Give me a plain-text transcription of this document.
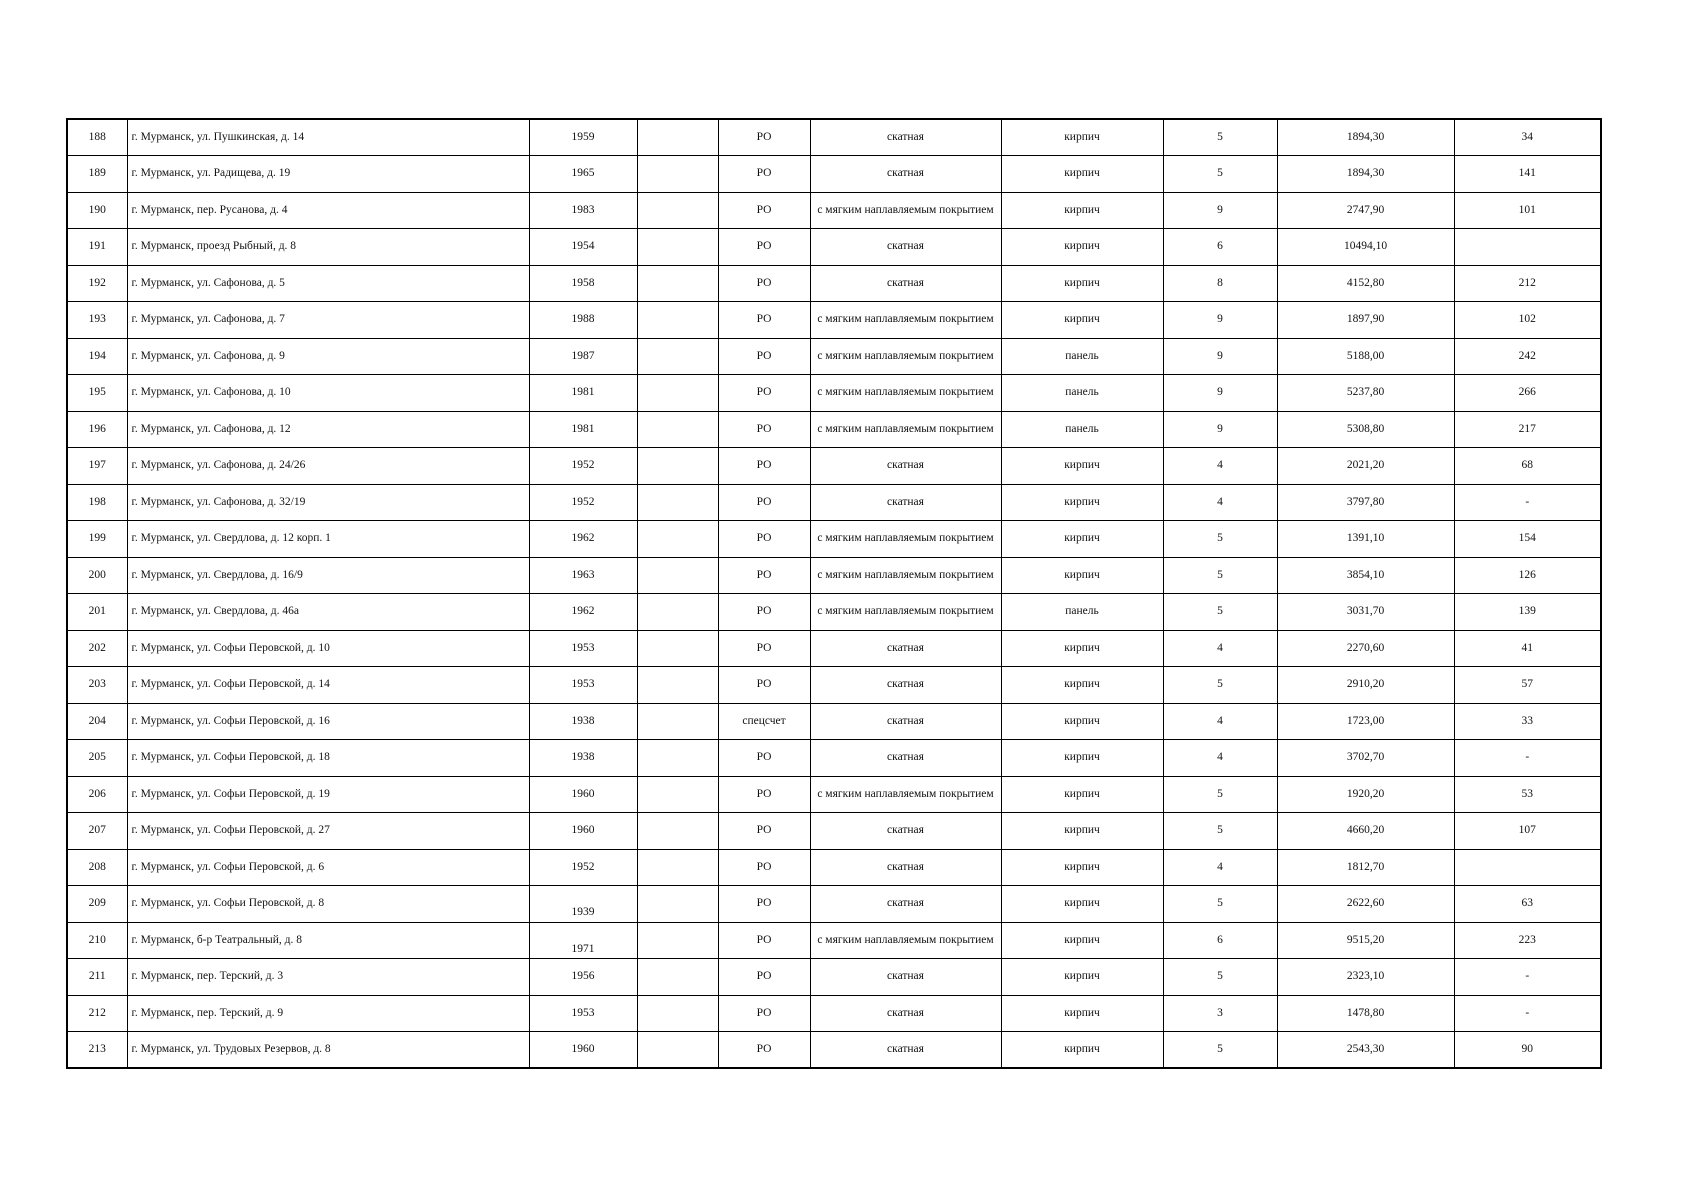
188	г. Мурманск, ул. Пушкинская, д. 14	1959		РО	скатная	кирпич	5	1894,30	34
189	г. Мурманск, ул. Радищева, д. 19	1965		РО	скатная	кирпич	5	1894,30	141
190	г. Мурманск, пер. Русанова, д. 4	1983		РО	с мягким наплавляемым покрытием	кирпич	9	2747,90	101
191	г. Мурманск, проезд Рыбный, д. 8	1954		РО	скатная	кирпич	6	10494,10	
192	г. Мурманск, ул. Сафонова, д. 5	1958		РО	скатная	кирпич	8	4152,80	212
193	г. Мурманск, ул. Сафонова, д. 7	1988		РО	с мягким наплавляемым покрытием	кирпич	9	1897,90	102
194	г. Мурманск, ул. Сафонова, д. 9	1987		РО	с мягким наплавляемым покрытием	панель	9	5188,00	242
195	г. Мурманск, ул. Сафонова, д. 10	1981		РО	с мягким наплавляемым покрытием	панель	9	5237,80	266
196	г. Мурманск, ул. Сафонова, д. 12	1981		РО	с мягким наплавляемым покрытием	панель	9	5308,80	217
197	г. Мурманск, ул. Сафонова, д. 24/26	1952		РО	скатная	кирпич	4	2021,20	68
198	г. Мурманск, ул. Сафонова, д. 32/19	1952		РО	скатная	кирпич	4	3797,80	-
199	г. Мурманск, ул. Свердлова, д. 12 корп. 1	1962		РО	с мягким наплавляемым покрытием	кирпич	5	1391,10	154
200	г. Мурманск, ул. Свердлова, д. 16/9	1963		РО	с мягким наплавляемым покрытием	кирпич	5	3854,10	126
201	г. Мурманск, ул. Свердлова, д. 46а	1962		РО	с мягким наплавляемым покрытием	панель	5	3031,70	139
202	г. Мурманск, ул. Софьи Перовской, д. 10	1953		РО	скатная	кирпич	4	2270,60	41
203	г. Мурманск, ул. Софьи Перовской, д. 14	1953		РО	скатная	кирпич	5	2910,20	57
204	г. Мурманск, ул. Софьи Перовской, д. 16	1938		спецсчет	скатная	кирпич	4	1723,00	33
205	г. Мурманск, ул. Софьи Перовской, д. 18	1938		РО	скатная	кирпич	4	3702,70	-
206	г. Мурманск, ул. Софьи Перовской, д. 19	1960		РО	с мягким наплавляемым покрытием	кирпич	5	1920,20	53
207	г. Мурманск, ул. Софьи Перовской, д. 27	1960		РО	скатная	кирпич	5	4660,20	107
208	г. Мурманск, ул. Софьи Перовской, д. 6	1952		РО	скатная	кирпич	4	1812,70	
209	г. Мурманск, ул. Софьи Перовской, д. 8	1939		РО	скатная	кирпич	5	2622,60	63
210	г. Мурманск, б-р Театральный, д. 8	1971		РО	с мягким наплавляемым покрытием	кирпич	6	9515,20	223
211	г. Мурманск, пер. Терский, д. 3	1956		РО	скатная	кирпич	5	2323,10	-
212	г. Мурманск, пер. Терский, д. 9	1953		РО	скатная	кирпич	3	1478,80	-
213	г. Мурманск, ул. Трудовых Резервов, д. 8	1960		РО	скатная	кирпич	5	2543,30	90
